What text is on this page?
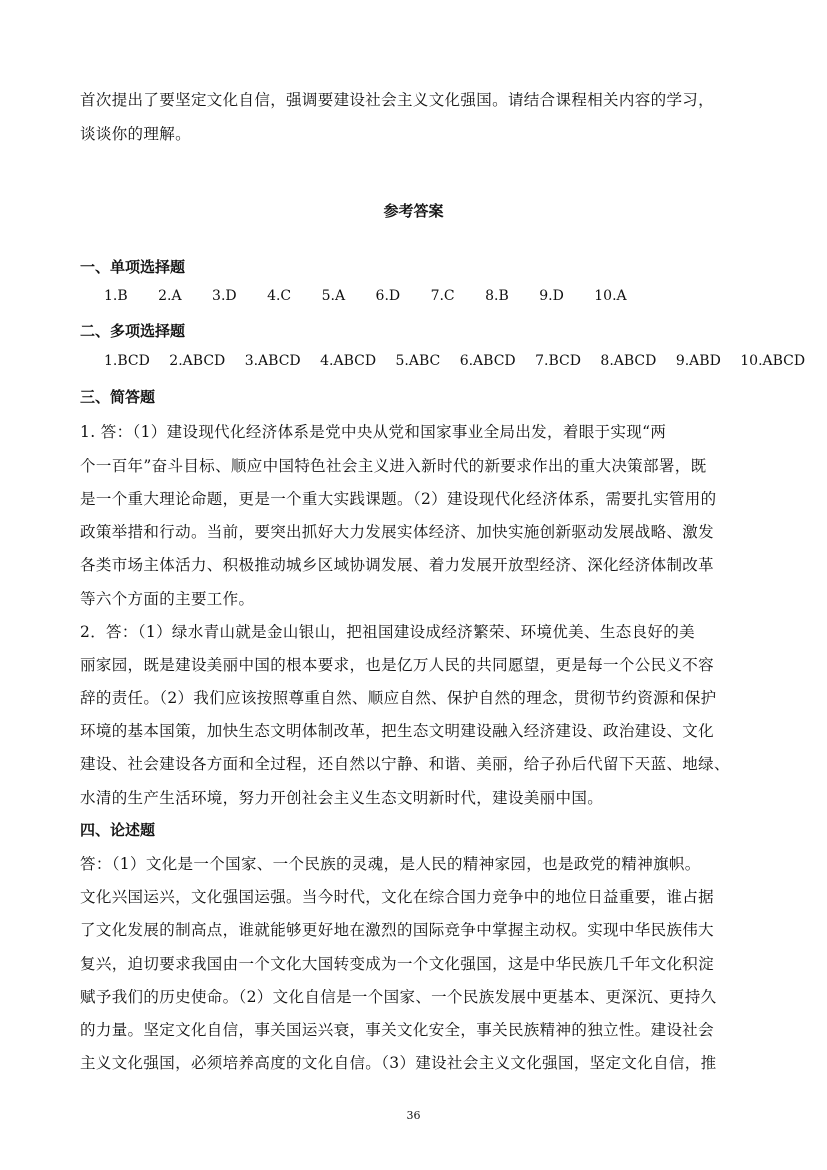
首次提出了要坚定文化自信，强调要建设社会主义文化强国。请结合课程相关内容的学习，
谈谈你的理解。
参考答案
一、单项选择题
1.B 2.A 3.D 4.C 5.A 6.D 7.C 8.B 9.D 10.A
二、多项选择题
1.BCD 2.ABCD 3.ABCD 4.ABCD 5.ABC 6.ABCD 7.BCD 8.ABCD 9.ABD 10.ABCD
三、简答题
1. 答：（1）建设现代化经济体系是党中央从党和国家事业全局出发，着眼于实现“两
个一百年”奋斗目标、顺应中国特色社会主义进入新时代的新要求作出的重大决策部署，既
是一个重大理论命题，更是一个重大实践课题。（2）建设现代化经济体系，需要扎实管用的
政策举措和行动。当前，要突出抓好大力发展实体经济、加快实施创新驱动发展战略、激发
各类市场主体活力、积极推动城乡区域协调发展、着力发展开放型经济、深化经济体制改革
等六个方面的主要工作。
2．答：（1）绿水青山就是金山银山，把祖国建设成经济繁荣、环境优美、生态良好的美
丽家园，既是建设美丽中国的根本要求，也是亿万人民的共同愿望，更是每一个公民义不容
辞的责任。（2）我们应该按照尊重自然、顺应自然、保护自然的理念，贯彻节约资源和保护
环境的基本国策，加快生态文明体制改革，把生态文明建设融入经济建设、政治建设、文化
建设、社会建设各方面和全过程，还自然以宁静、和谐、美丽，给子孙后代留下天蓝、地绿、
水清的生产生活环境，努力开创社会主义生态文明新时代，建设美丽中国。
四、论述题
答：（1）文化是一个国家、一个民族的灵魂，是人民的精神家园，也是政党的精神旗帜。
文化兴国运兴，文化强国运强。当今时代，文化在综合国力竞争中的地位日益重要，谁占据
了文化发展的制高点，谁就能够更好地在激烈的国际竞争中掌握主动权。实现中华民族伟大
复兴，迫切要求我国由一个文化大国转变成为一个文化强国，这是中华民族几千年文化积淀
赋予我们的历史使命。（2）文化自信是一个国家、一个民族发展中更基本、更深沉、更持久
的力量。坚定文化自信，事关国运兴衰，事关文化安全，事关民族精神的独立性。建设社会
主义文化强国，必须培养高度的文化自信。（3）建设社会主义文化强国，坚定文化自信，推
36
